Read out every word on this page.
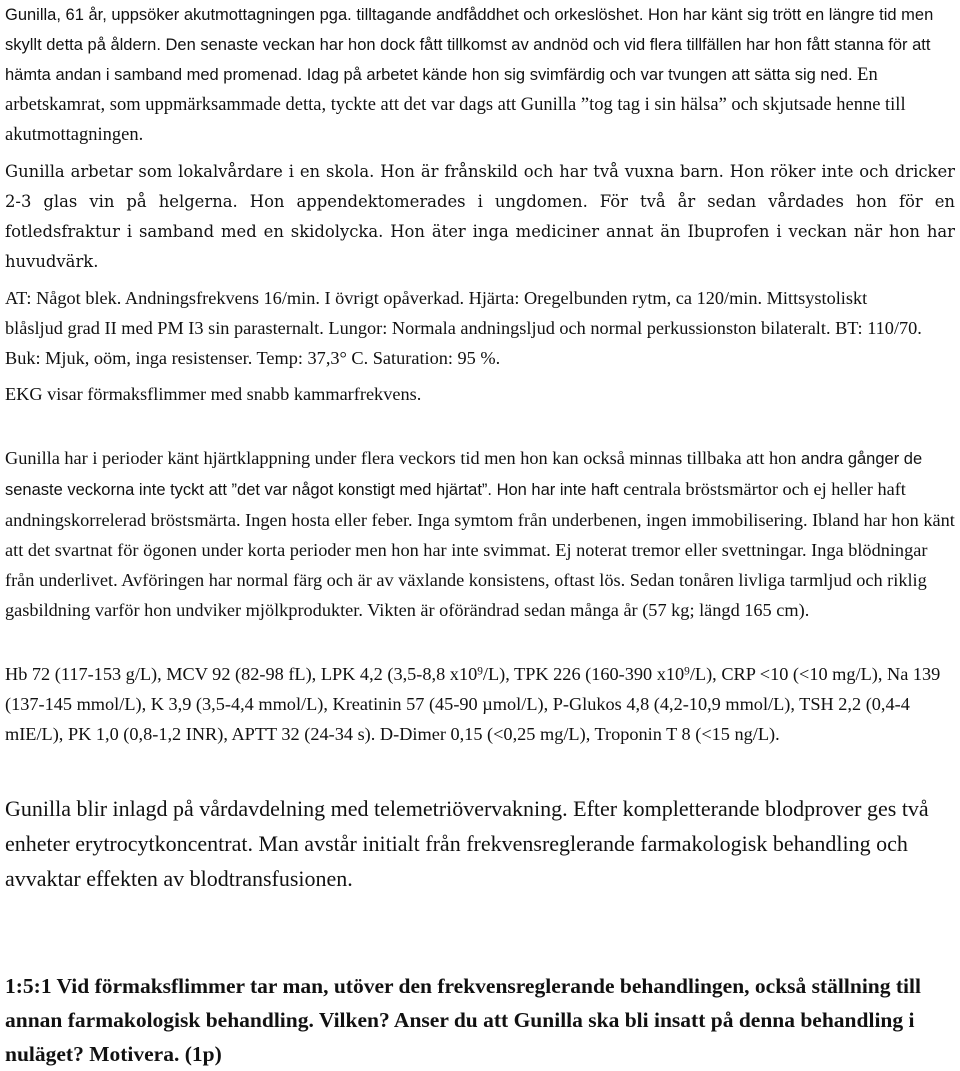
Gunilla, 61 år, uppsöker akutmottagningen pga. tilltagande andfåddhet och orkeslöshet. Hon har känt sig trött en längre tid men skyllt detta på åldern. Den senaste veckan har hon dock fått tillkomst av andnöd och vid flera tillfällen har hon fått stanna för att hämta andan i samband med promenad. Idag på arbetet kände hon sig svimfärdig och var tvungen att sätta sig ned. En arbetskamrat, som uppmärksammade detta, tyckte att det var dags att Gunilla ”tog tag i sin hälsa” och skjutsade henne till akutmottagningen.

Gunilla arbetar som lokalvårdare i en skola. Hon är frånskild och har två vuxna barn. Hon röker inte och dricker 2-3 glas vin på helgerna. Hon appendektomerades i ungdomen. För två år sedan vårdades hon för en fotledsfraktur i samband med en skidolycka. Hon äter inga mediciner annat än Ibuprofen i veckan när hon har huvudvärk.

AT: Något blek. Andningsfrekvens 16/min. I övrigt opåverkad. Hjärta: Oregelbunden rytm, ca 120/min. Mittsystoliskt blåsljud grad II med PM I3 sin parasternalt. Lungor: Normala andningsljud och normal perkussionston bilateralt. BT: 110/70. Buk: Mjuk, oöm, inga resistenser. Temp: 37,3° C. Saturation: 95 %.

EKG visar förmaksflimmer med snabb kammarfrekvens.

Gunilla har i perioder känt hjärtklappning under flera veckors tid men hon kan också minnas tillbaka att hon andra gånger de senaste veckorna inte tyckt att ”det var något konstigt med hjärtat”. Hon har inte haft centrala bröstsmärtor och ej heller haft andningskorrelerad bröstsmärta. Ingen hosta eller feber. Inga symtom från underbenen, ingen immobilisering. Ibland har hon känt att det svartnat för ögonen under korta perioder men hon har inte svimmat. Ej noterat tremor eller svettningar. Inga blödningar från underlivet. Avföringen har normal färg och är av växlande konsistens, oftast lös. Sedan tonåren livliga tarmljud och riklig gasbildning varför hon undviker mjölkprodukter. Vikten är oförändrad sedan många år (57 kg; längd 165 cm).

Hb 72 (117-153 g/L), MCV 92 (82-98 fL), LPK 4,2 (3,5-8,8 $x10^9/L$), TPK 226 (160-390 $x10^9/L$), CRP <10 (<10 mg/L), Na 139 (137-145 mmol/L), K 3,9 (3,5-4,4 mmol/L), Kreatinin 57 (45-90 µmol/L), P-Glukos 4,8 (4,2-10,9 mmol/L), TSH 2,2 (0,4-4 mIE/L), PK 1,0 (0,8-1,2 INR), APTT 32 (24-34 s). D-Dimer 0,15 (<0,25 mg/L), Troponin T 8 (<15 ng/L).

Gunilla blir inlagd på vårdavdelning med telemetriövervakning. Efter kompletterande blodprover ges två enheter erytrocytkoncentrat. Man avstår initialt från frekvensreglerande farmakologisk behandling och avvaktar effekten av blodtransfusionen.

1:5:1 Vid förmaksflimmer tar man, utöver den frekvensreglerande behandlingen, också ställning till annan farmakologisk behandling. Vilken? Anser du att Gunilla ska bli insatt på denna behandling i nuläget? Motivera. (1p)
